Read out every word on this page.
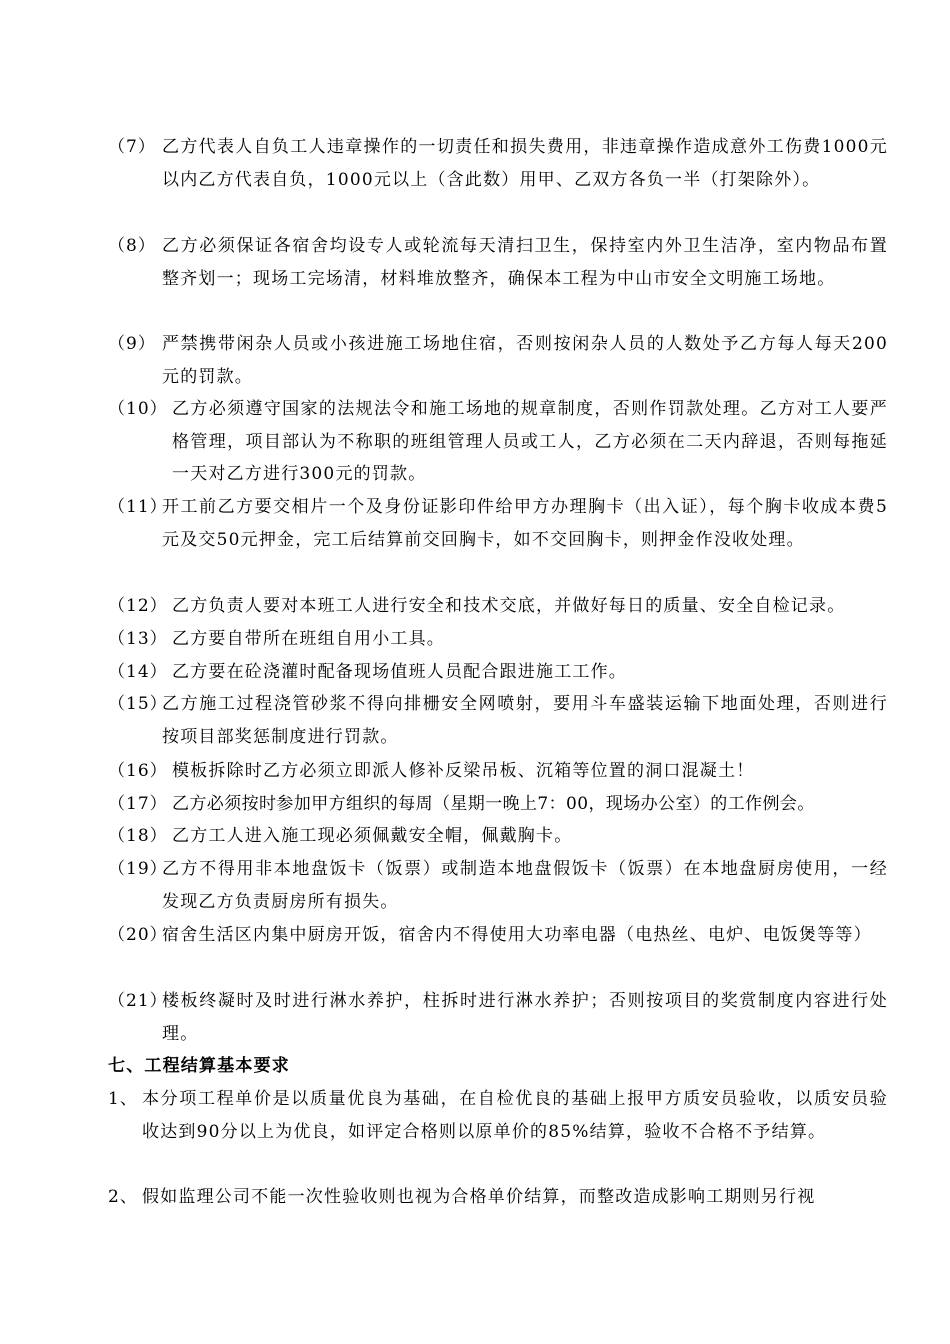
（7） 乙方代表人自负工人违章操作的一切责任和损失费用，非违章操作造成意外工伤费1000元以内乙方代表自负，1000元以上（含此数）用甲、乙双方各负一半（打架除外）。
（8） 乙方必须保证各宿舍均设专人或轮流每天清扫卫生，保持室内外卫生洁净，室内物品布置整齐划一；现场工完场清，材料堆放整齐，确保本工程为中山市安全文明施工场地。
（9） 严禁携带闲杂人员或小孩进施工场地住宿，否则按闲杂人员的人数处予乙方每人每天200元的罚款。
（10） 乙方必须遵守国家的法规法令和施工场地的规章制度，否则作罚款处理。乙方对工人要严格管理，项目部认为不称职的班组管理人员或工人，乙方必须在二天内辞退，否则每拖延一天对乙方进行300元的罚款。
（11）
开工前乙方要交相片一个及身份证影印件给甲方办理胸卡（出入证），每个胸卡收成本费5元及交50元押金，完工后结算前交回胸卡，如不交回胸卡，则押金作没收处理。
（12） 乙方负责人要对本班工人进行安全和技术交底，并做好每日的质量、安全自检记录。
（13） 乙方要自带所在班组自用小工具。
（14） 乙方要在砼浇灌时配备现场值班人员配合跟进施工工作。
（15）
乙方施工过程浇管砂浆不得向排栅安全网喷射，要用斗车盛装运输下地面处理，否则进行按项目部奖惩制度进行罚款。
（16） 模板拆除时乙方必须立即派人修补反梁吊板、沉箱等位置的洞口混凝土！
（17） 乙方必须按时参加甲方组织的每周（星期一晚上7：00，现场办公室）的工作例会。
（18） 乙方工人进入施工现必须佩戴安全帽，佩戴胸卡。
（19）
乙方不得用非本地盘饭卡（饭票）或制造本地盘假饭卡（饭票）在本地盘厨房使用，一经发现乙方负责厨房所有损失。
（20）
宿舍生活区内集中厨房开饭，宿舍内不得使用大功率电器（电热丝、电炉、电饭煲等等）
（21）
楼板终凝时及时进行淋水养护，柱拆时进行淋水养护；否则按项目的奖赏制度内容进行处理。
七、工程结算基本要求
1、 本分项工程单价是以质量优良为基础，在自检优良的基础上报甲方质安员验收，以质安员验收达到90分以上为优良，如评定合格则以原单价的85%结算，验收不合格不予结算。
2、 假如监理公司不能一次性验收则也视为合格单价结算，而整改造成影响工期则另行视
